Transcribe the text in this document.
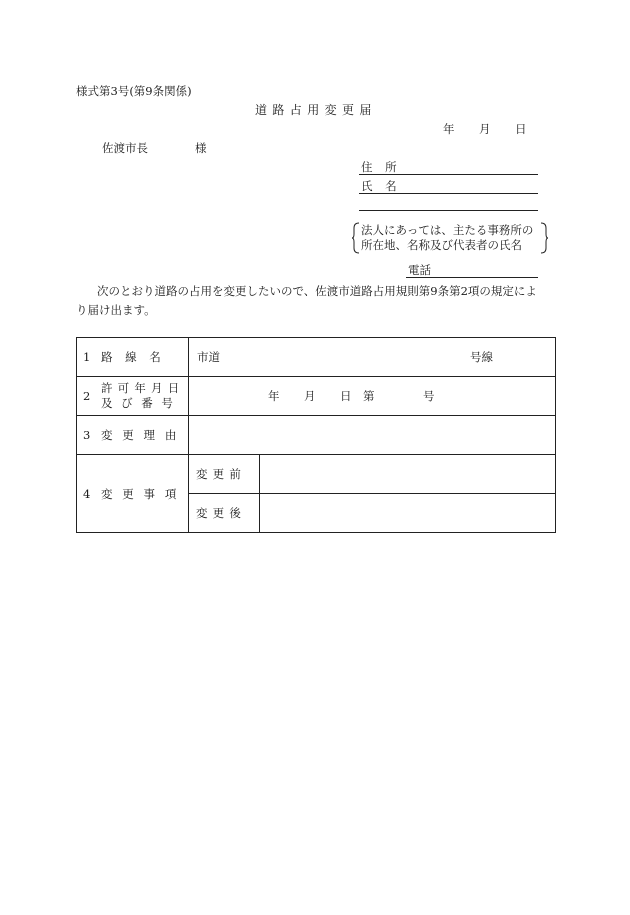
様式第3号(第9条関係)
道路占用変更届
年 月 日
佐渡市長	様
住所
氏名
法人にあっては、主たる事務所の
所在地、名称及び代表者の氏名
電話
次のとおり道路の占用を変更したいので、佐渡市道路占用規則第9条第2項の規定によ
り届け出ます。
1 路線名	市道 号線	

2
許可年月日
及び番号	年 月 日 第 号	

3 変更理由		
4 変更事項	変更前	
	変更後	
